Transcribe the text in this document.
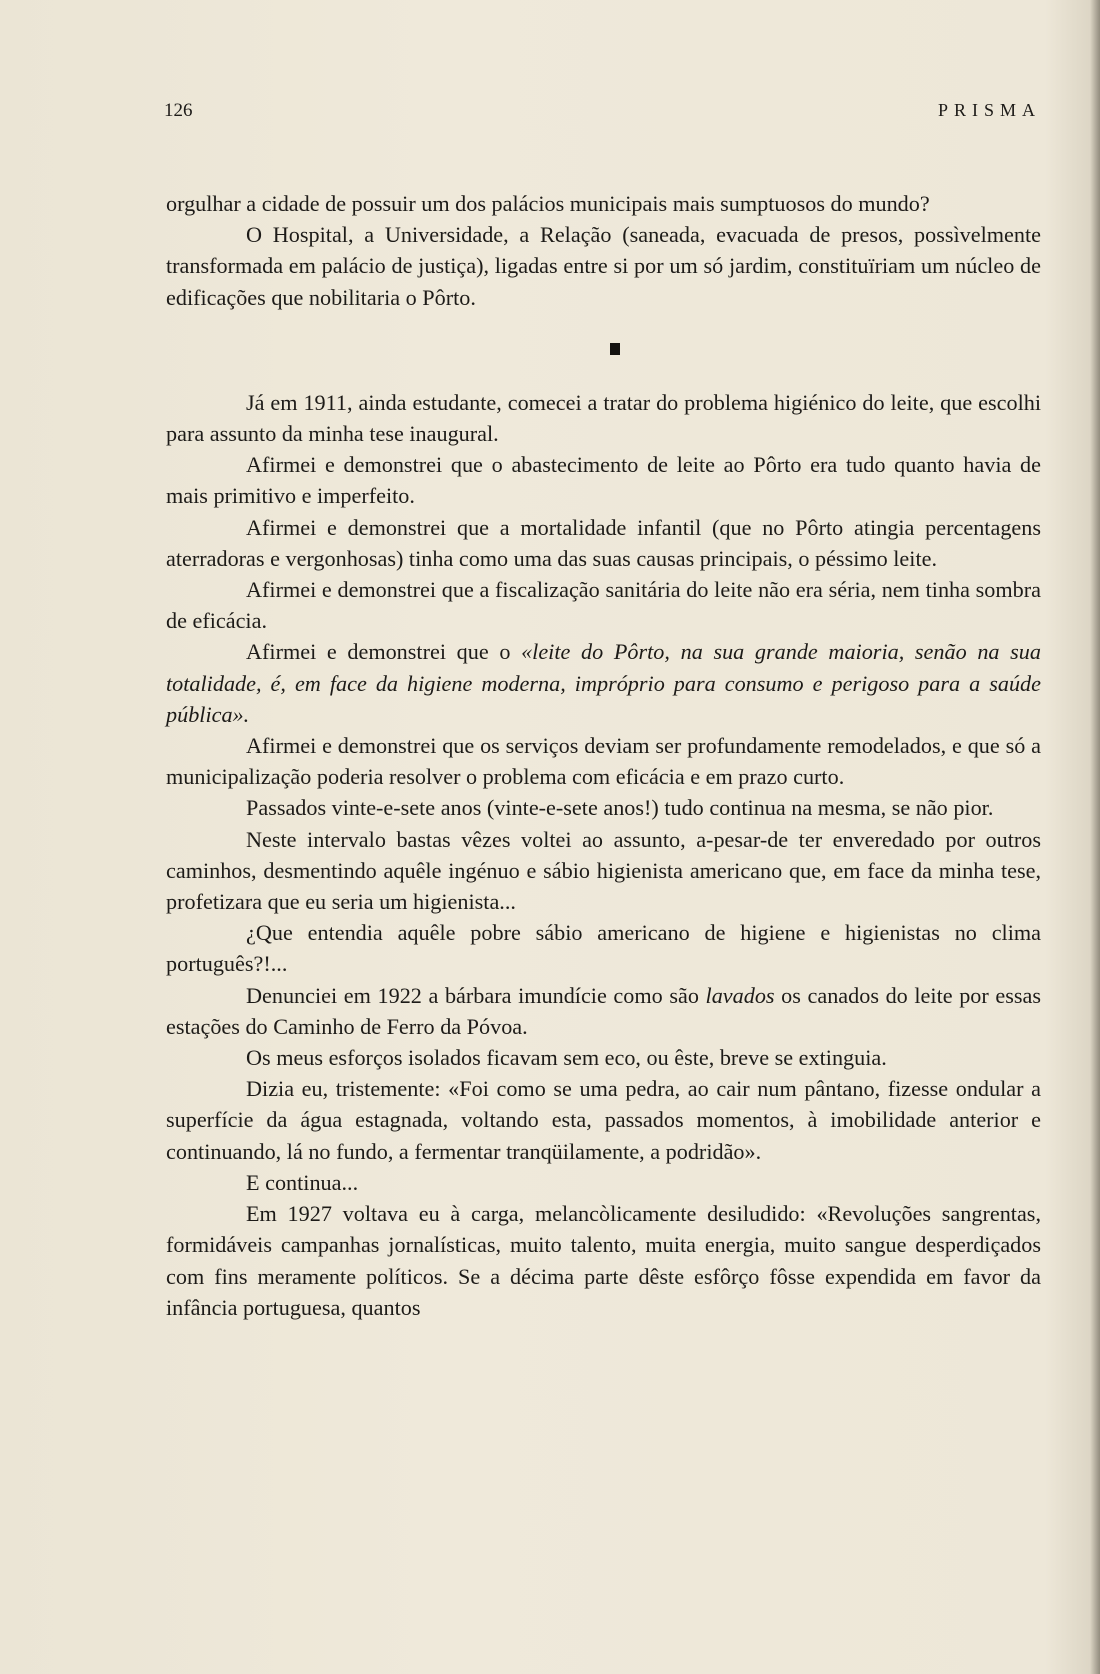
126	PRISMA

orgulhar a cidade de possuir um dos palácios municipais mais sumptuosos do mundo?

O Hospital, a Universidade, a Relação (saneada, evacuada de presos, possìvelmente transformada em palácio de justiça), ligadas entre si por um só jardim, constituïriam um núcleo de edificações que nobilitaria o Pôrto.

Já em 1911, ainda estudante, comecei a tratar do problema higiénico do leite, que escolhi para assunto da minha tese inaugural.

Afirmei e demonstrei que o abastecimento de leite ao Pôrto era tudo quanto havia de mais primitivo e imperfeito.

Afirmei e demonstrei que a mortalidade infantil (que no Pôrto atingia percentagens aterradoras e vergonhosas) tinha como uma das suas causas principais, o péssimo leite.

Afirmei e demonstrei que a fiscalização sanitária do leite não era séria, nem tinha sombra de eficácia.

Afirmei e demonstrei que o «leite do Pôrto, na sua grande maioria, senão na sua totalidade, é, em face da higiene moderna, impróprio para consumo e perigoso para a saúde pública».

Afirmei e demonstrei que os serviços deviam ser profundamente remodelados, e que só a municipalização poderia resolver o problema com eficácia e em prazo curto.

Passados vinte-e-sete anos (vinte-e-sete anos!) tudo continua na mesma, se não pior.

Neste intervalo bastas vêzes voltei ao assunto, a-pesar-de ter enveredado por outros caminhos, desmentindo aquêle ingénuo e sábio higienista americano que, em face da minha tese, profetizara que eu seria um higienista...

¿Que entendia aquêle pobre sábio americano de higiene e higienistas no clima português?!...

Denunciei em 1922 a bárbara imundície como são lavados os canados do leite por essas estações do Caminho de Ferro da Póvoa.

Os meus esforços isolados ficavam sem eco, ou êste, breve se extinguia.

Dizia eu, tristemente: «Foi como se uma pedra, ao cair num pântano, fizesse ondular a superfície da água estagnada, voltando esta, passados momentos, à imobilidade anterior e continuando, lá no fundo, a fermentar tranqüilamente, a podridão».

E continua...

Em 1927 voltava eu à carga, melancòlicamente desiludido: «Revoluções sangrentas, formidáveis campanhas jornalísticas, muito talento, muita energia, muito sangue desperdiçados com fins meramente políticos. Se a décima parte dêste esfôrço fôsse expendida em favor da infância portuguesa, quantos
